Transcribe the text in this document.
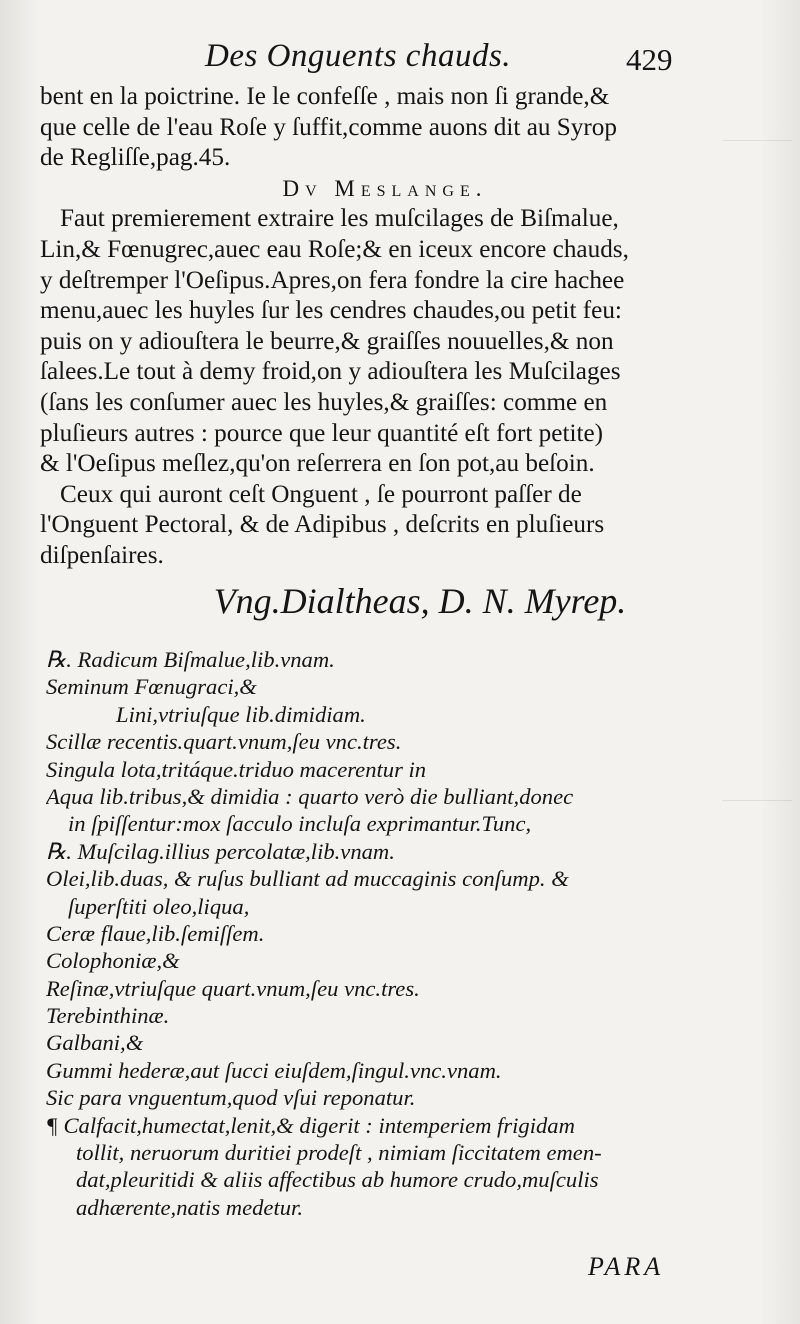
Des Onguents chauds.	429
bent en la poictrine. Ie le confeſſe , mais non ſi grande,&
que celle de l'eau Roſe y ſuffit,comme auons dit au Syrop
de Regliſſe,pag.45.
Dv Meslange.
Faut premierement extraire les muſcilages de Biſmalue,
Lin,& Fœnugrec,auec eau Roſe;& en iceux encore chauds,
y deſtremper l'Oeſipus.Apres,on fera fondre la cire hachee
menu,auec les huyles ſur les cendres chaudes,ou petit feu:
puis on y adiouſtera le beurre,& graiſſes nouuelles,& non
ſalees.Le tout à demy froid,on y adiouſtera les Muſcilages
(ſans les conſumer auec les huyles,& graiſſes: comme en
pluſieurs autres : pource que leur quantité eſt fort petite)
& l'Oeſipus meſlez,qu'on reſerrera en ſon pot,au beſoin.
Ceux qui auront ceſt Onguent , ſe pourront paſſer de
l'Onguent Pectoral, & de Adipibus , deſcrits en pluſieurs
diſpenſaires.
Vng.Dialtheas, D. N. Myrep.
℞. Radicum Biſmalue,lib.vnam.
Seminum Fœnugraci,&
Lini,vtriuſque lib.dimidiam.
Scillæ recentis.quart.vnum,ſeu vnc.tres.
Singula lota,tritáque.triduo macerentur in
Aqua lib.tribus,& dimidia : quarto verò die bulliant,donec
in ſpiſſentur:mox ſacculo incluſa exprimantur.Tunc,
℞. Muſcilag.illius percolatæ,lib.vnam.
Olei,lib.duas, & ruſus bulliant ad muccaginis conſump. &
ſuperſtiti oleo,liqua,
Ceræ flaue,lib.ſemiſſem.
Colophoniæ,&
Reſinæ,vtriuſque quart.vnum,ſeu vnc.tres.
Terebinthinæ.
Galbani,&
Gummi hederæ,aut ſucci eiuſdem,ſingul.vnc.vnam.
Sic para vnguentum,quod vſui reponatur.
¶ Calfacit,humectat,lenit,& digerit : intemperiem frigidam
tollit, neruorum duritiei prodeſt , nimiam ſiccitatem emen-
dat,pleuritidi & aliis affectibus ab humore crudo,muſculis
adhærente,natis medetur.
PARA
